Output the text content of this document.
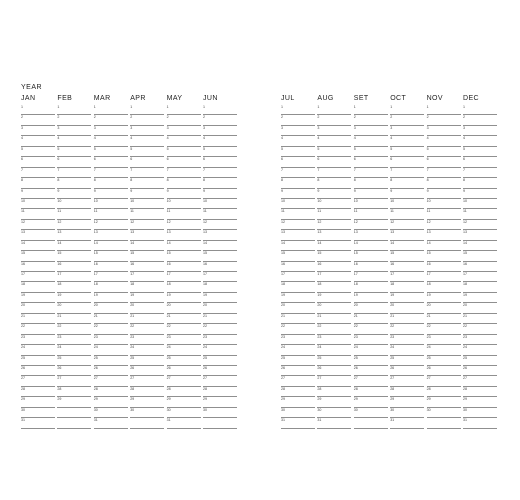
YEAR
JAN
1
2
3
4
5
6
7
8
9
10
11
12
13
14
15
16
17
18
19
20
21
22
23
24
25
26
27
28
29
30
31
FEB
1
2
3
4
5
6
7
8
9
10
11
12
13
14
15
16
17
18
19
20
21
22
23
24
25
26
27
28
29
MAR
1
2
3
4
5
6
7
8
9
10
11
12
13
14
15
16
17
18
19
20
21
22
23
24
25
26
27
28
29
30
31
APR
1
2
3
4
5
6
7
8
9
10
11
12
13
14
15
16
17
18
19
20
21
22
23
24
25
26
27
28
29
30
MAY
1
2
3
4
5
6
7
8
9
10
11
12
13
14
15
16
17
18
19
20
21
22
23
24
25
26
27
28
29
30
31
JUN
1
2
3
4
5
6
7
8
9
10
11
12
13
14
15
16
17
18
19
20
21
22
23
24
25
26
27
28
29
30
JUL
1
2
3
4
5
6
7
8
9
10
11
12
13
14
15
16
17
18
19
20
21
22
23
24
25
26
27
28
29
30
31
AUG
1
2
3
4
5
6
7
8
9
10
11
12
13
14
15
16
17
18
19
20
21
22
23
24
25
26
27
28
29
30
31
SET
1
2
3
4
5
6
7
8
9
10
11
12
13
14
15
16
17
18
19
20
21
22
23
24
25
26
27
28
29
30
OCT
1
2
3
4
5
6
7
8
9
10
11
12
13
14
15
16
17
18
19
20
21
22
23
24
25
26
27
28
29
30
31
NOV
1
2
3
4
5
6
7
8
9
10
11
12
13
14
15
16
17
18
19
20
21
22
23
24
25
26
27
28
29
30
DEC
1
2
3
4
5
6
7
8
9
10
11
12
13
14
15
16
17
18
19
20
21
22
23
24
25
26
27
28
29
30
31
